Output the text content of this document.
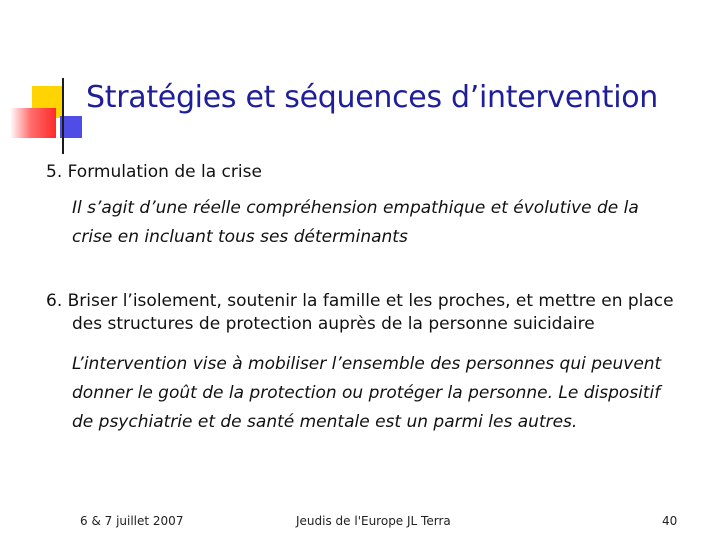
Stratégies et séquences d’intervention
5. Formulation de la crise
Il s’agit d’une réelle compréhension empathique et évolutive de la crise en incluant tous ses déterminants
6. Briser l’isolement, soutenir la famille et les proches, et mettre en place des structures de protection auprès de la personne suicidaire
L’intervention vise à mobiliser l’ensemble des personnes qui peuvent donner le goût de la protection ou protéger la personne. Le dispositif de psychiatrie et de santé mentale est un parmi les autres.
6 & 7 juillet 2007	Jeudis de l'Europe JL Terra	40
